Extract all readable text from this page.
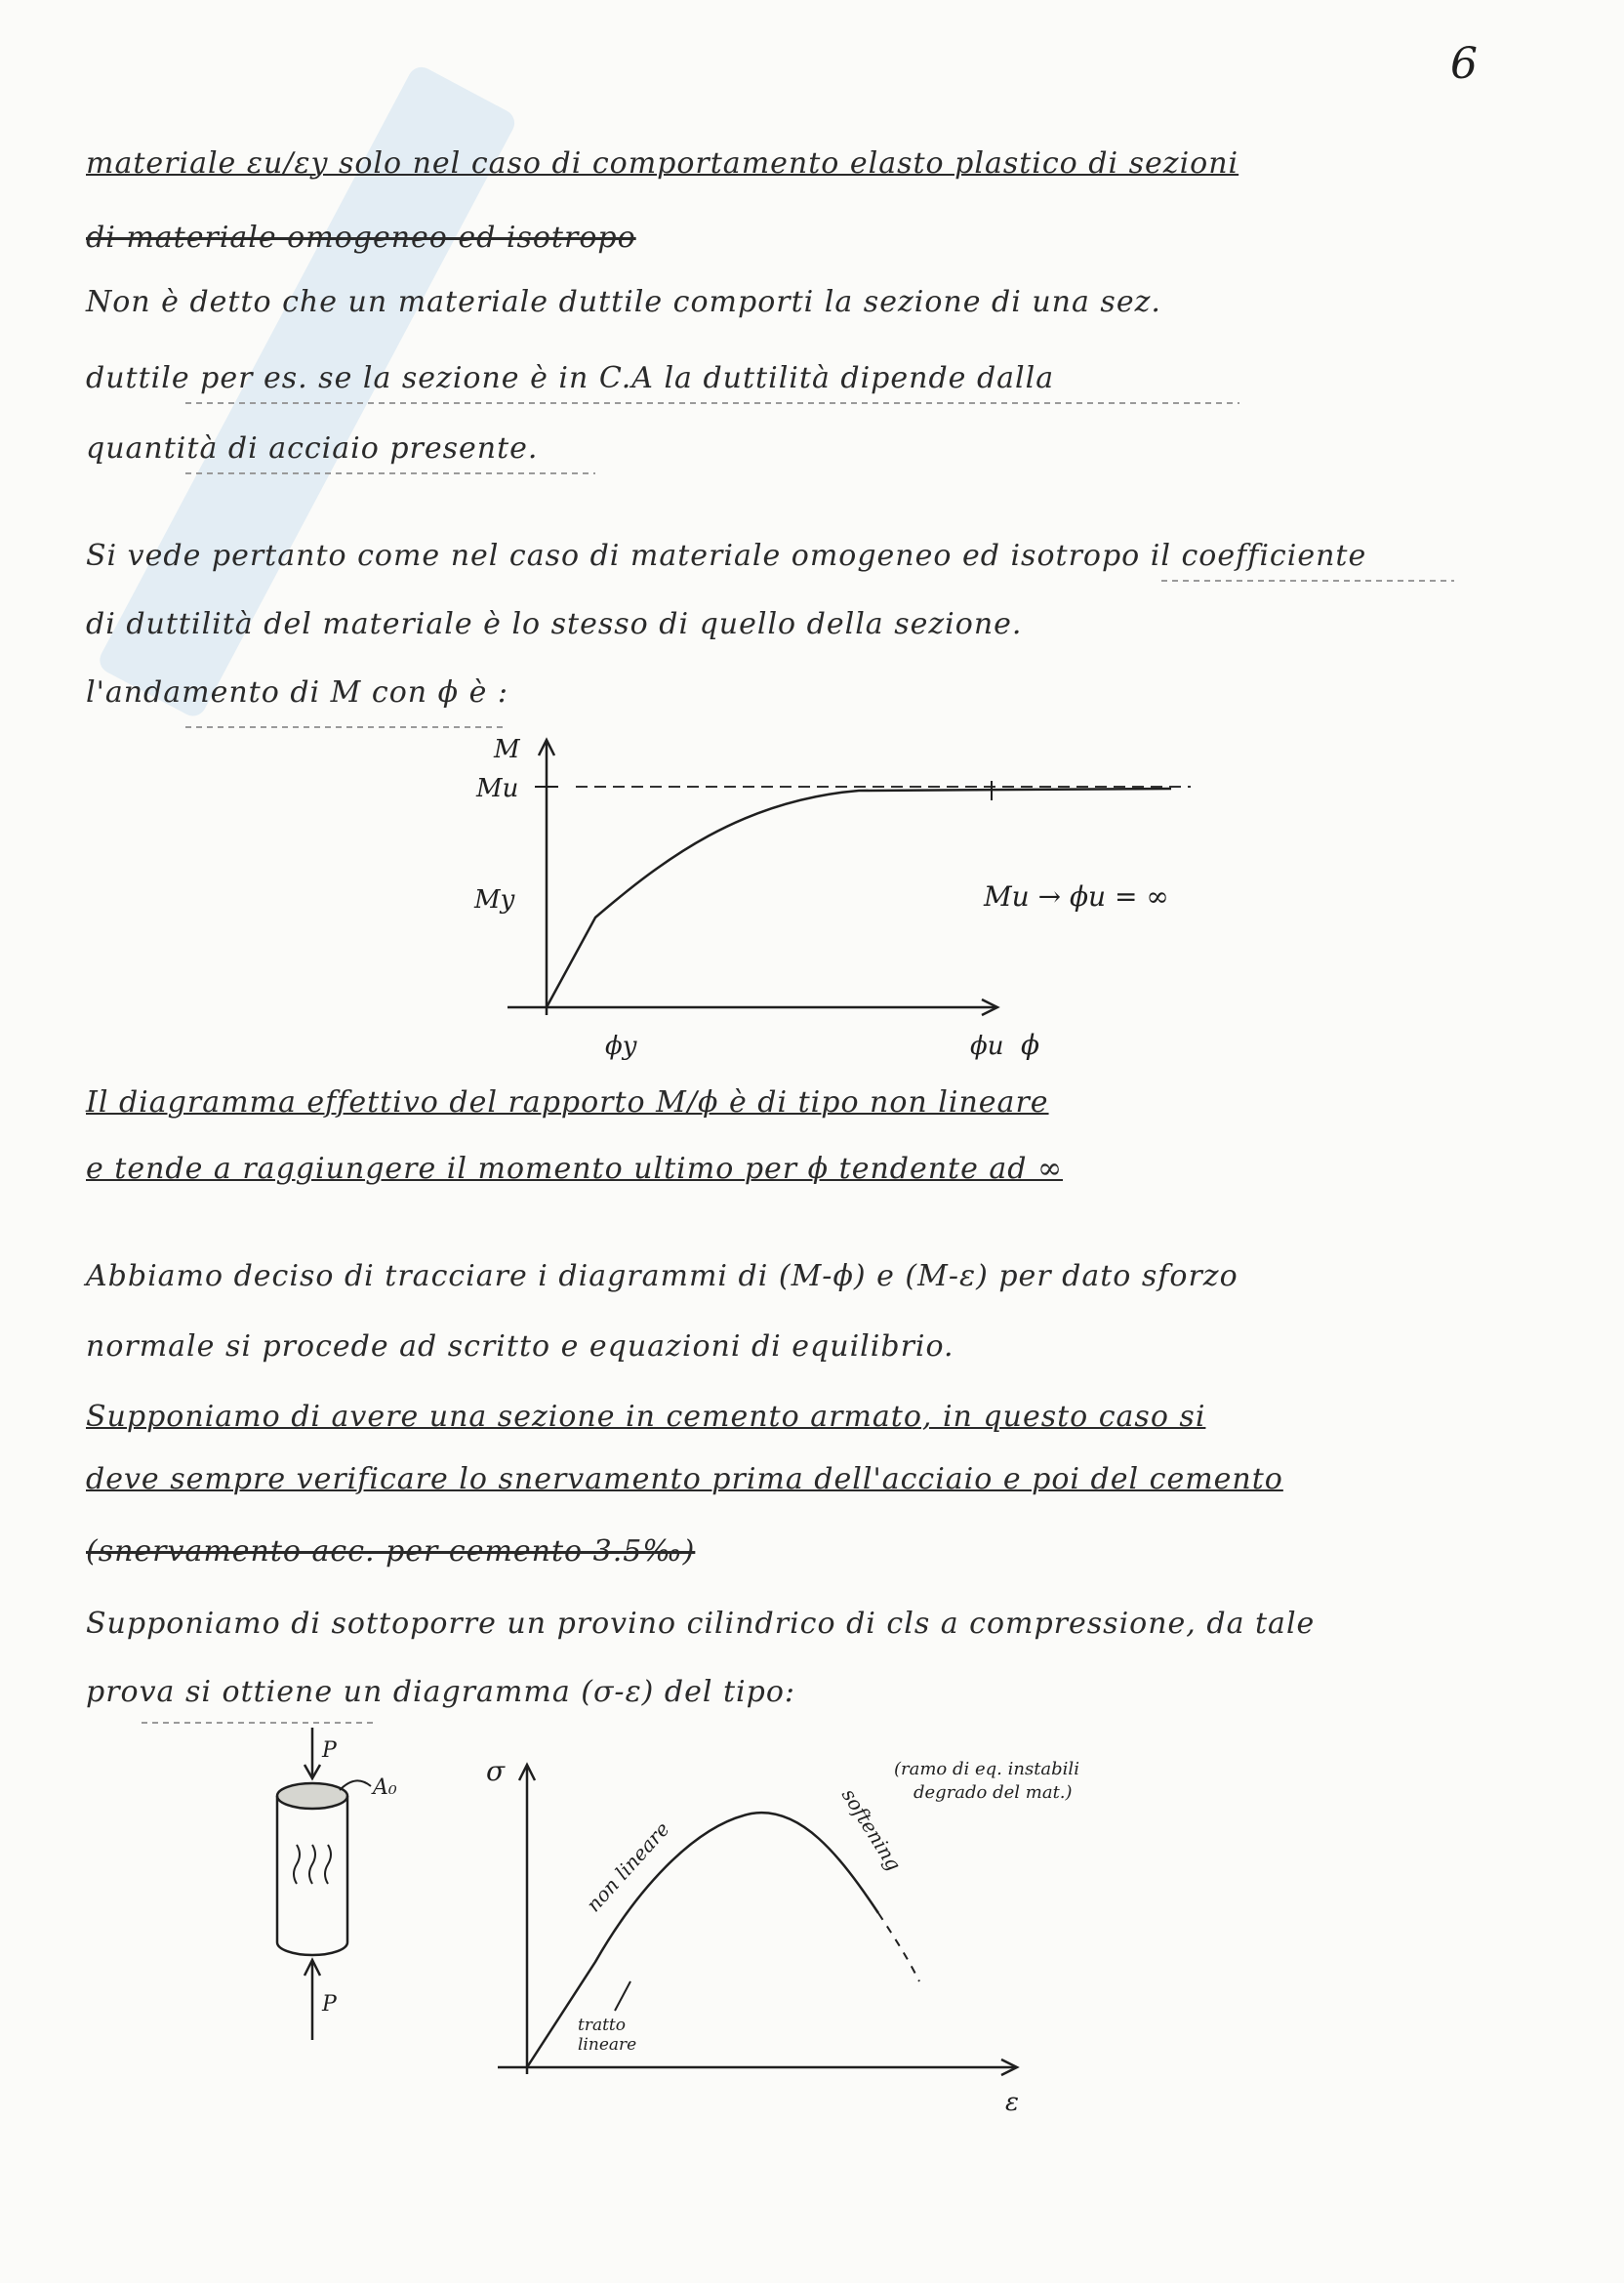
6
materiale εu/εy solo nel caso di comportamento elasto plastico di sezioni
di materiale omogeneo ed isotropo
Non è detto che un materiale duttile comporti la sezione di una sez.
duttile per es. se la sezione è in C.A la duttilità dipende dalla
quantità di acciaio presente.
Si vede pertanto come nel caso di materiale omogeneo ed isotropo il coefficiente
di duttilità del materiale è lo stesso di quello della sezione.
l'andamento di M con ϕ è :
M
Mu
My
ϕ
ϕy	ϕu
Mu → ϕu = ∞
Il diagramma effettivo del rapporto M/ϕ è di tipo non lineare
e tende a raggiungere il momento ultimo per ϕ tendente ad ∞
Abbiamo deciso di tracciare i diagrammi di (M-ϕ) e (M-ε) per dato sforzo
normale si procede ad scritto e equazioni di equilibrio.
Supponiamo di avere una sezione in cemento armato, in questo caso si
deve sempre verificare lo snervamento prima dell'acciaio e poi del cemento
(snervamento acc. per cemento 3.5‰)
Supponiamo di sottoporre un provino cilindrico di cls a compressione, da tale
prova si ottiene un diagramma (σ-ε) del tipo:
P
A₀
P
σ
ε
non lineare	softening
(ramo di eq. instabili
degrado del mat.)
tratto
lineare
